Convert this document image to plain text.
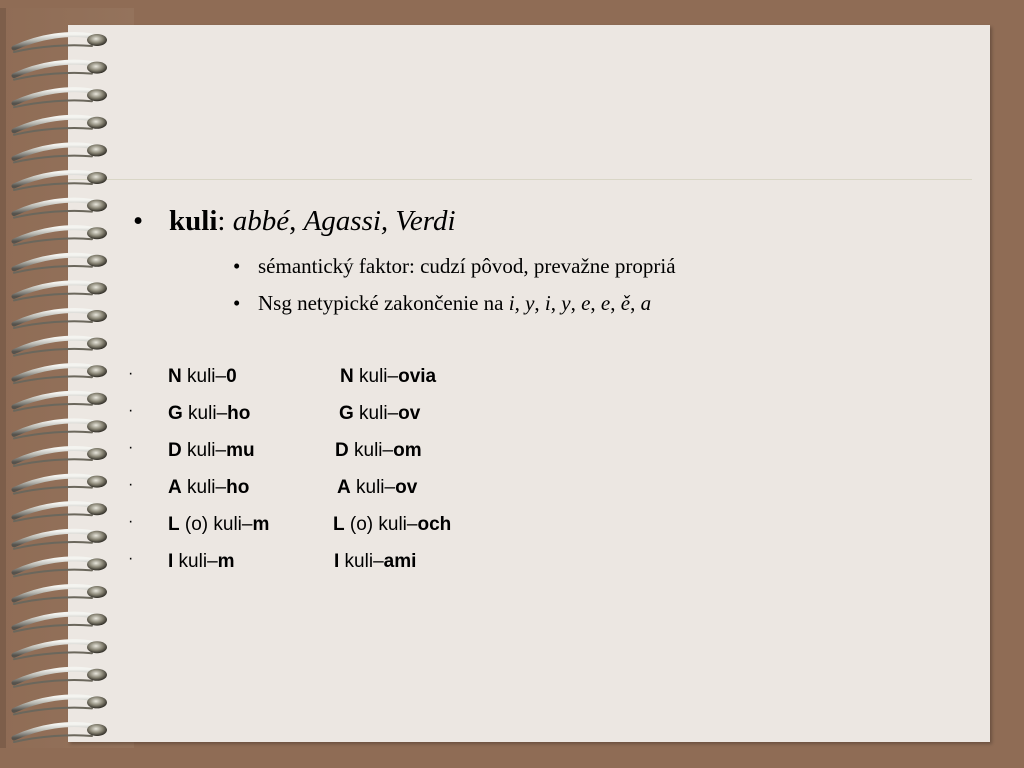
• kuli: abbé, Agassi, Verdi
• sémantický faktor: cudzí pôvod, prevažne propriá
• Nsg netypické zakončenie na i, y, i, y, e, e, ě, a
· N kuli–0	N kuli–ovia
· G kuli–ho	G kuli–ov
· D kuli–mu	D kuli–om
· A kuli–ho	A kuli–ov
· L (o) kuli–m	L (o) kuli–och
· I kuli–m	I kuli–ami
